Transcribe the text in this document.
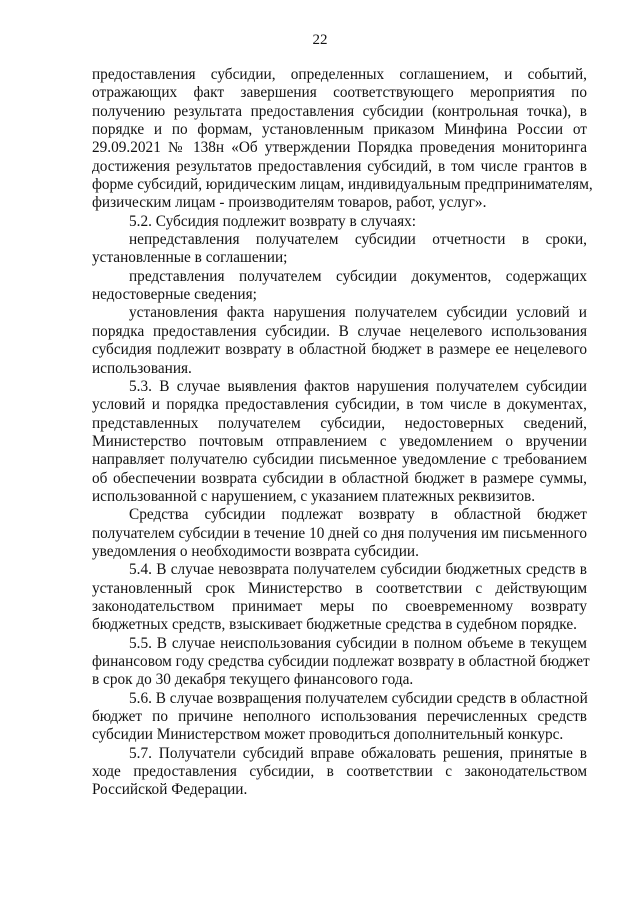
22
предоставления субсидии, определенных соглашением, и событий,
отражающих факт завершения соответствующего мероприятия по
получению результата предоставления субсидии (контрольная точка), в
порядке и по формам, установленным приказом Минфина России от
29.09.2021 № 138н «Об утверждении Порядка проведения мониторинга
достижения результатов предоставления субсидий, в том числе грантов в
форме субсидий, юридическим лицам, индивидуальным предпринимателям,
физическим лицам - производителям товаров, работ, услуг».
5.2. Субсидия подлежит возврату в случаях:
непредставления получателем субсидии отчетности в сроки,
установленные в соглашении;
представления получателем субсидии документов, содержащих
недостоверные сведения;
установления факта нарушения получателем субсидии условий и
порядка предоставления субсидии. В случае нецелевого использования
субсидия подлежит возврату в областной бюджет в размере ее нецелевого
использования.
5.3. В случае выявления фактов нарушения получателем субсидии
условий и порядка предоставления субсидии, в том числе в документах,
представленных получателем субсидии, недостоверных сведений,
Министерство почтовым отправлением с уведомлением о вручении
направляет получателю субсидии письменное уведомление с требованием
об обеспечении возврата субсидии в областной бюджет в размере суммы,
использованной с нарушением, с указанием платежных реквизитов.
Средства субсидии подлежат возврату в областной бюджет
получателем субсидии в течение 10 дней со дня получения им письменного
уведомления о необходимости возврата субсидии.
5.4. В случае невозврата получателем субсидии бюджетных средств в
установленный срок Министерство в соответствии с действующим
законодательством принимает меры по своевременному возврату
бюджетных средств, взыскивает бюджетные средства в судебном порядке.
5.5. В случае неиспользования субсидии в полном объеме в текущем
финансовом году средства субсидии подлежат возврату в областной бюджет
в срок до 30 декабря текущего финансового года.
5.6. В случае возвращения получателем субсидии средств в областной
бюджет по причине неполного использования перечисленных средств
субсидии Министерством может проводиться дополнительный конкурс.
5.7. Получатели субсидий вправе обжаловать решения, принятые в
ходе предоставления субсидии, в соответствии с законодательством
Российской Федерации.
